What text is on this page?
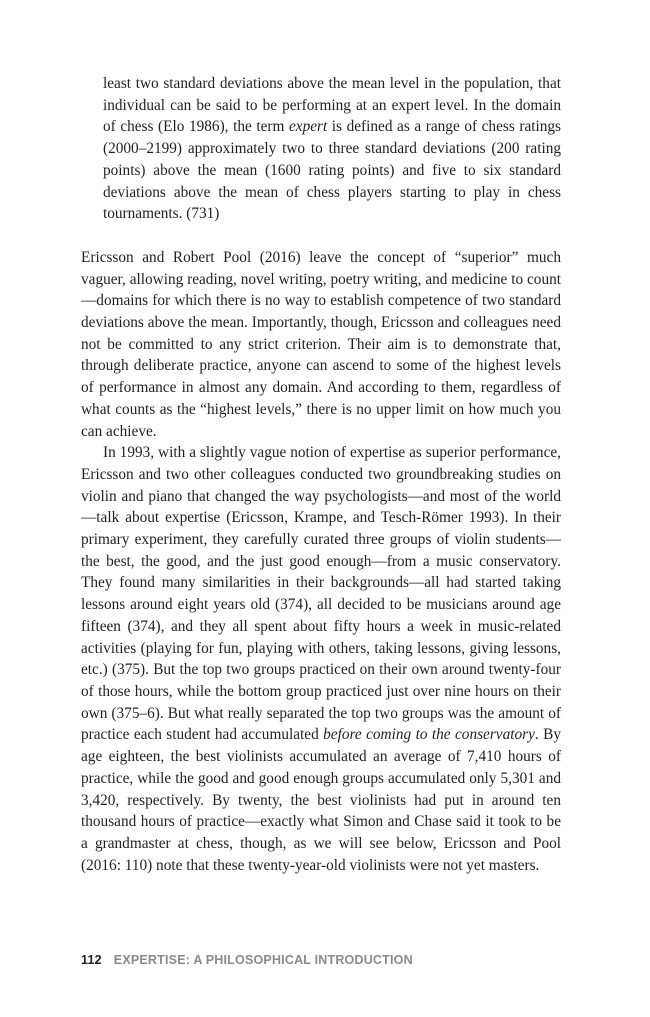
least two standard deviations above the mean level in the population, that individual can be said to be performing at an expert level. In the domain of chess (Elo 1986), the term expert is defined as a range of chess ratings (2000–2199) approximately two to three standard deviations (200 rating points) above the mean (1600 rating points) and five to six standard deviations above the mean of chess players starting to play in chess tournaments. (731)

Ericsson and Robert Pool (2016) leave the concept of “superior” much vaguer, allowing reading, novel writing, poetry writing, and medicine to count—domains for which there is no way to establish competence of two standard deviations above the mean. Importantly, though, Ericsson and colleagues need not be committed to any strict criterion. Their aim is to demonstrate that, through deliberate practice, anyone can ascend to some of the highest levels of performance in almost any domain. And according to them, regardless of what counts as the “highest levels,” there is no upper limit on how much you can achieve.

In 1993, with a slightly vague notion of expertise as superior performance, Ericsson and two other colleagues conducted two groundbreaking studies on violin and piano that changed the way psychologists—and most of the world—talk about expertise (Ericsson, Krampe, and Tesch-Römer 1993). In their primary experiment, they carefully curated three groups of violin students—the best, the good, and the just good enough—from a music conservatory. They found many similarities in their backgrounds—all had started taking lessons around eight years old (374), all decided to be musicians around age fifteen (374), and they all spent about fifty hours a week in music-related activities (playing for fun, playing with others, taking lessons, giving lessons, etc.) (375). But the top two groups practiced on their own around twenty-four of those hours, while the bottom group practiced just over nine hours on their own (375–6). But what really separated the top two groups was the amount of practice each student had accumulated before coming to the conservatory. By age eighteen, the best violinists accumulated an average of 7,410 hours of practice, while the good and good enough groups accumulated only 5,301 and 3,420, respectively. By twenty, the best violinists had put in around ten thousand hours of practice—exactly what Simon and Chase said it took to be a grandmaster at chess, though, as we will see below, Ericsson and Pool (2016: 110) note that these twenty-year-old violinists were not yet masters.

112 EXPERTISE: A PHILOSOPHICAL INTRODUCTION
